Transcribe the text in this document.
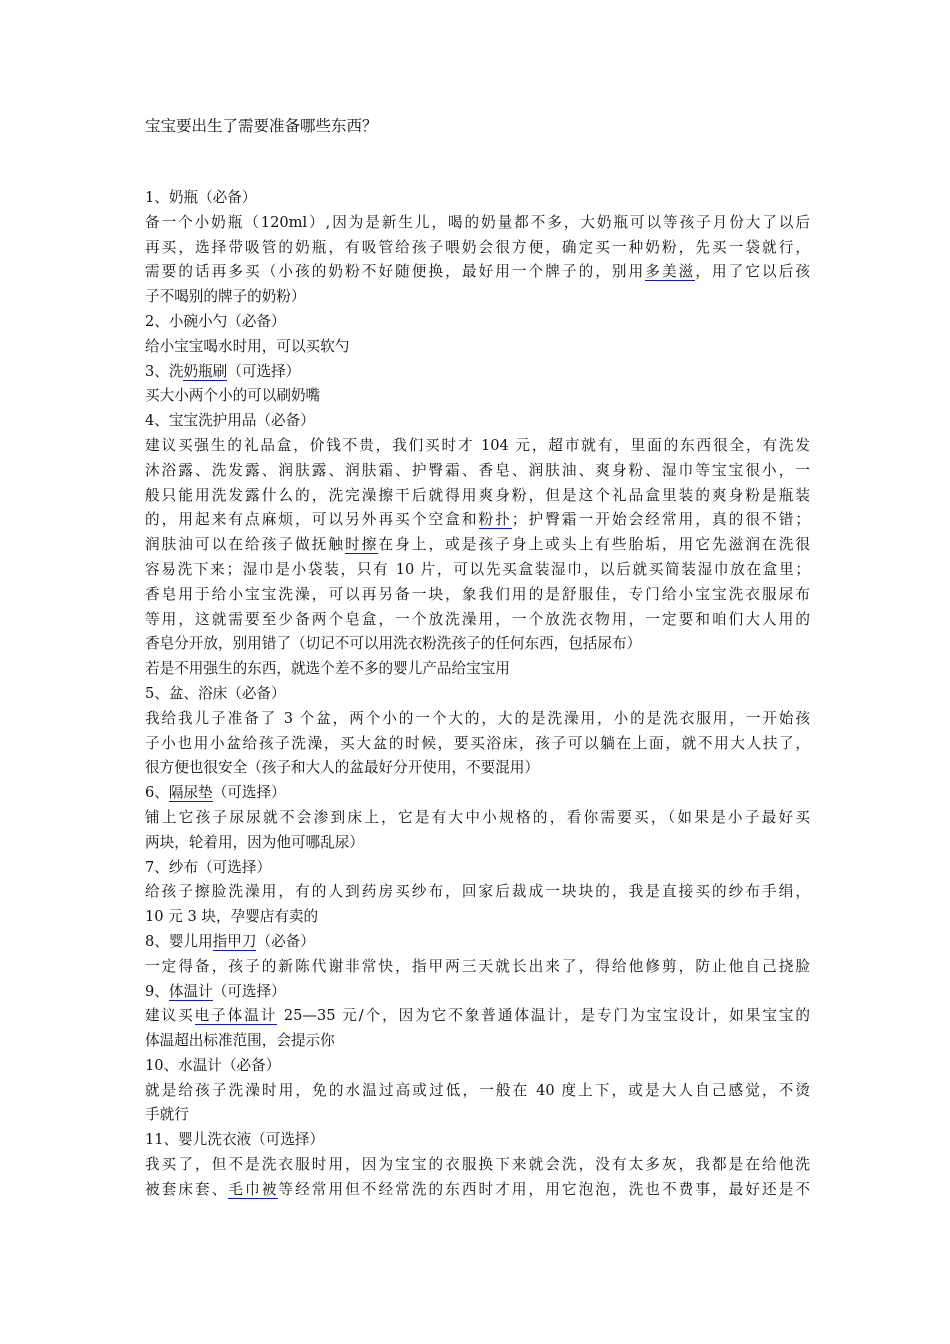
宝宝要出生了需要准备哪些东西？
1、奶瓶（必备）
备一个小奶瓶（120ml）,因为是新生儿，喝的奶量都不多，大奶瓶可以等孩子月份大了以后
再买，选择带吸管的奶瓶，有吸管给孩子喂奶会很方便，确定买一种奶粉，先买一袋就行，
需要的话再多买（小孩的奶粉不好随便换，最好用一个牌子的，别用多美滋，用了它以后孩
子不喝别的牌子的奶粉）
2、小碗小勺（必备）
给小宝宝喝水时用，可以买软勺
3、洗奶瓶刷（可选择）
买大小两个小的可以刷奶嘴
4、宝宝洗护用品（必备）
建议买强生的礼品盒，价钱不贵，我们买时才 104 元，超市就有，里面的东西很全，有洗发
沐浴露、洗发露、润肤露、润肤霜、护臀霜、香皂、润肤油、爽身粉、湿巾等宝宝很小，一
般只能用洗发露什么的，洗完澡擦干后就得用爽身粉，但是这个礼品盒里装的爽身粉是瓶装
的，用起来有点麻烦，可以另外再买个空盒和粉扑；护臀霜一开始会经常用，真的很不错；
润肤油可以在给孩子做抚触时擦在身上，或是孩子身上或头上有些胎垢，用它先滋润在洗很
容易洗下来；湿巾是小袋装，只有 10 片，可以先买盒装湿巾，以后就买简装湿巾放在盒里；
香皂用于给小宝宝洗澡，可以再另备一块，象我们用的是舒服佳，专门给小宝宝洗衣服尿布
等用，这就需要至少备两个皂盒，一个放洗澡用，一个放洗衣物用，一定要和咱们大人用的
香皂分开放，别用错了（切记不可以用洗衣粉洗孩子的任何东西，包括尿布）
若是不用强生的东西，就选个差不多的婴儿产品给宝宝用
5、盆、浴床（必备）
我给我儿子准备了 3 个盆，两个小的一个大的，大的是洗澡用，小的是洗衣服用，一开始孩
子小也用小盆给孩子洗澡，买大盆的时候，要买浴床，孩子可以躺在上面，就不用大人扶了，
很方便也很安全（孩子和大人的盆最好分开使用，不要混用）
6、隔尿垫（可选择）
铺上它孩子尿尿就不会渗到床上，它是有大中小规格的，看你需要买，（如果是小子最好买
两块，轮着用，因为他可哪乱尿）
7、纱布（可选择）
给孩子擦脸洗澡用，有的人到药房买纱布，回家后裁成一块块的，我是直接买的纱布手绢，
10 元 3 块，孕婴店有卖的
8、婴儿用指甲刀（必备）
一定得备，孩子的新陈代谢非常快，指甲两三天就长出来了，得给他修剪，防止他自己挠脸
9、体温计（可选择）
建议买电子体温计 25—35 元/个，因为它不象普通体温计，是专门为宝宝设计，如果宝宝的
体温超出标准范围，会提示你
10、水温计（必备）
就是给孩子洗澡时用，免的水温过高或过低，一般在 40 度上下，或是大人自己感觉，不烫
手就行
11、婴儿洗衣液（可选择）
我买了，但不是洗衣服时用，因为宝宝的衣服换下来就会洗，没有太多灰，我都是在给他洗
被套床套、毛巾被等经常用但不经常洗的东西时才用，用它泡泡，洗也不费事，最好还是不
